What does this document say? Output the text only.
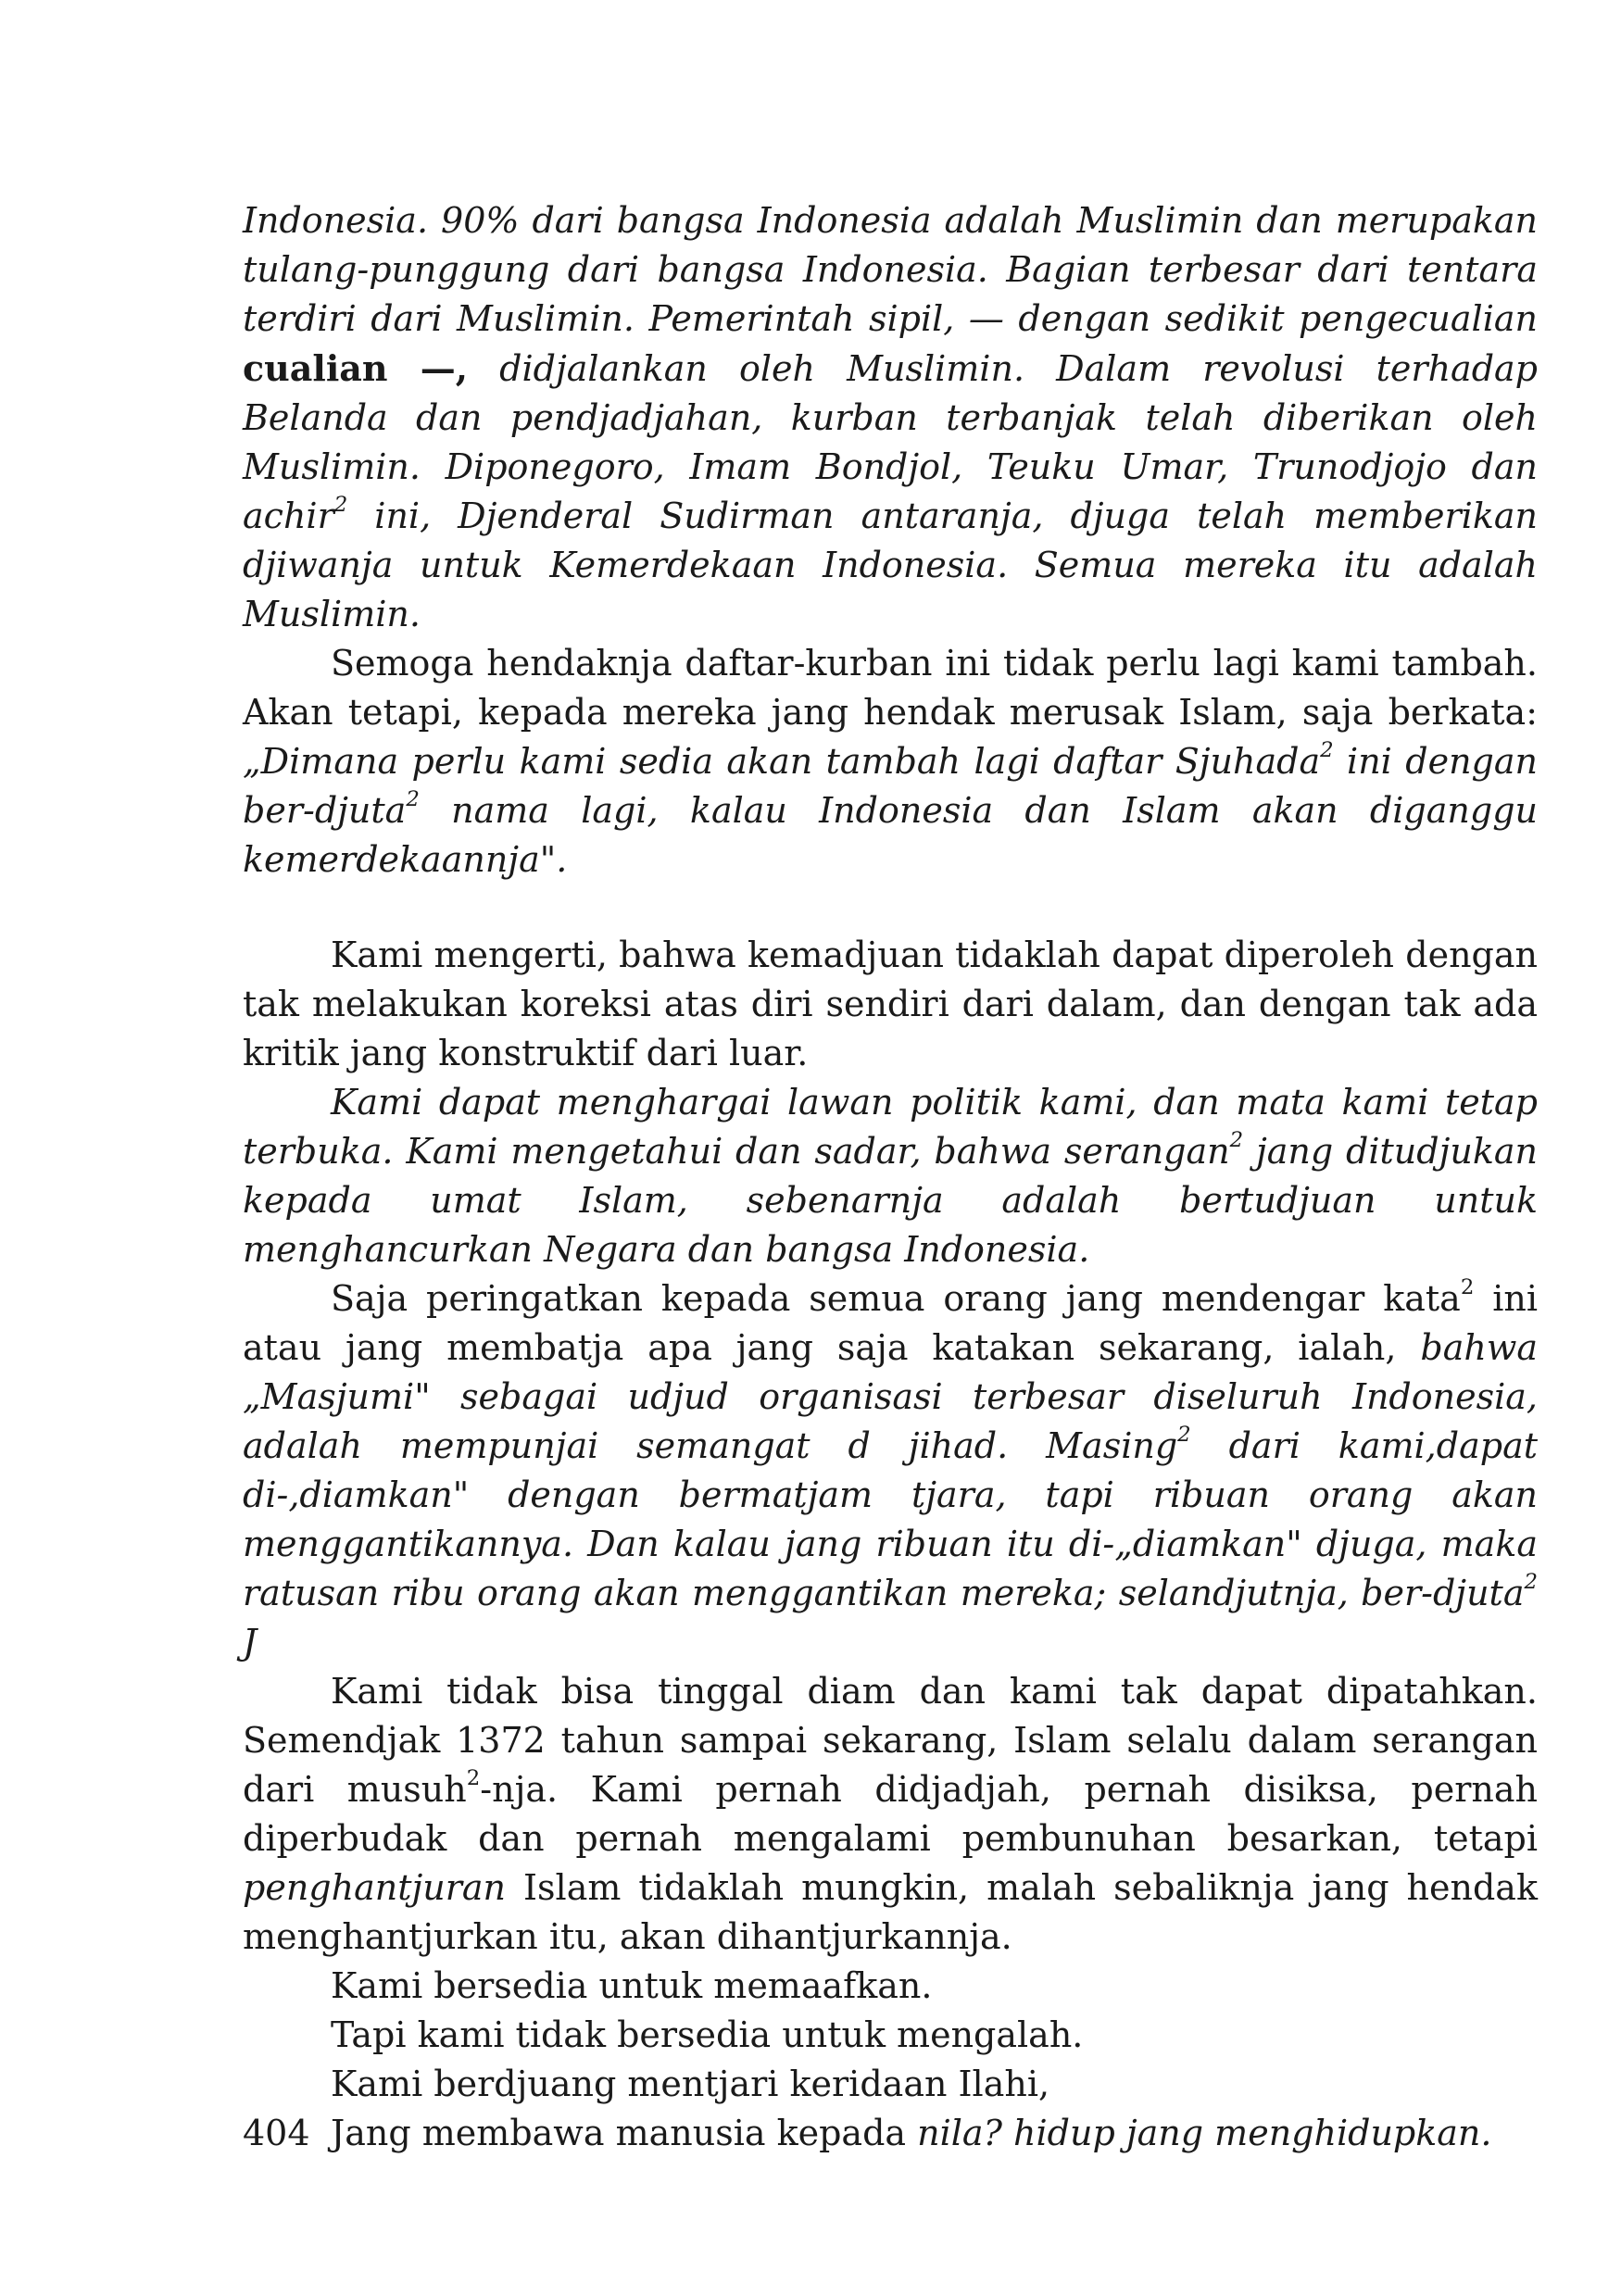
Indonesia. 90% dari bangsa Indonesia adalah Muslimin dan merupakan tulang-punggung dari bangsa Indonesia. Bagian terbesar dari tentara terdiri dari Muslimin. Pemerintah sipil, — dengan sedikit pengecualian cualian —, didjalankan oleh Muslimin. Dalam revolusi terhadap Belanda dan pendjadjahan, kurban terbanjak telah diberikan oleh Muslimin. Diponegoro, Imam Bondjol, Teuku Umar, Trunodjojo dan achir$^2$ ini, Djenderal Sudirman antaranja, djuga telah memberikan djiwanja untuk Kemerdekaan Indonesia. Semua mereka itu adalah Muslimin.

Semoga hendaknja daftar-kurban ini tidak perlu lagi kami tambah. Akan tetapi, kepada mereka jang hendak merusak Islam, saja berkata: „Dimana perlu kami sedia akan tambah lagi daftar Sjuhada$^2$ ini dengan ber-djuta$^2$ nama lagi, kalau Indonesia dan Islam akan diganggu kemerdekaannja".

Kami mengerti, bahwa kemadjuan tidaklah dapat diperoleh dengan tak melakukan koreksi atas diri sendiri dari dalam, dan dengan tak ada kritik jang konstruktif dari luar.

Kami dapat menghargai lawan politik kami, dan mata kami tetap terbuka. Kami mengetahui dan sadar, bahwa serangan$^2$ jang ditudjukan kepada umat Islam, sebenarnja adalah bertudjuan untuk menghancurkan Negara dan bangsa Indonesia.

Saja peringatkan kepada semua orang jang mendengar kata$^2$ ini atau jang membatja apa jang saja katakan sekarang, ialah, bahwa „Masjumi" sebagai udjud organisasi terbesar diseluruh Indonesia, adalah mempunjai semangat d jihad. Masing$^2$ dari kami,dapat di-,diamkan" dengan bermatjam tjara, tapi ribuan orang akan menggantikannya. Dan kalau jang ribuan itu di-„diamkan" djuga, maka ratusan ribu orang akan menggantikan mereka; selandjutnja, ber-djuta$^2$ J

Kami tidak bisa tinggal diam dan kami tak dapat dipatahkan. Semendjak 1372 tahun sampai sekarang, Islam selalu dalam serangan dari musuh$^2$-nja. Kami pernah didjadjah, pernah disiksa, pernah diperbudak dan pernah mengalami pembunuhan besarkan, tetapi penghantjuran Islam tidaklah mungkin, malah sebaliknja jang hendak menghantjurkan itu, akan dihantjurkannja.

Kami bersedia untuk memaafkan.

Tapi kami tidak bersedia untuk mengalah.

Kami berdjuang mentjari keridaan Ilahi,

Jang membawa manusia kepada nila? hidup jang menghidupkan.

404
